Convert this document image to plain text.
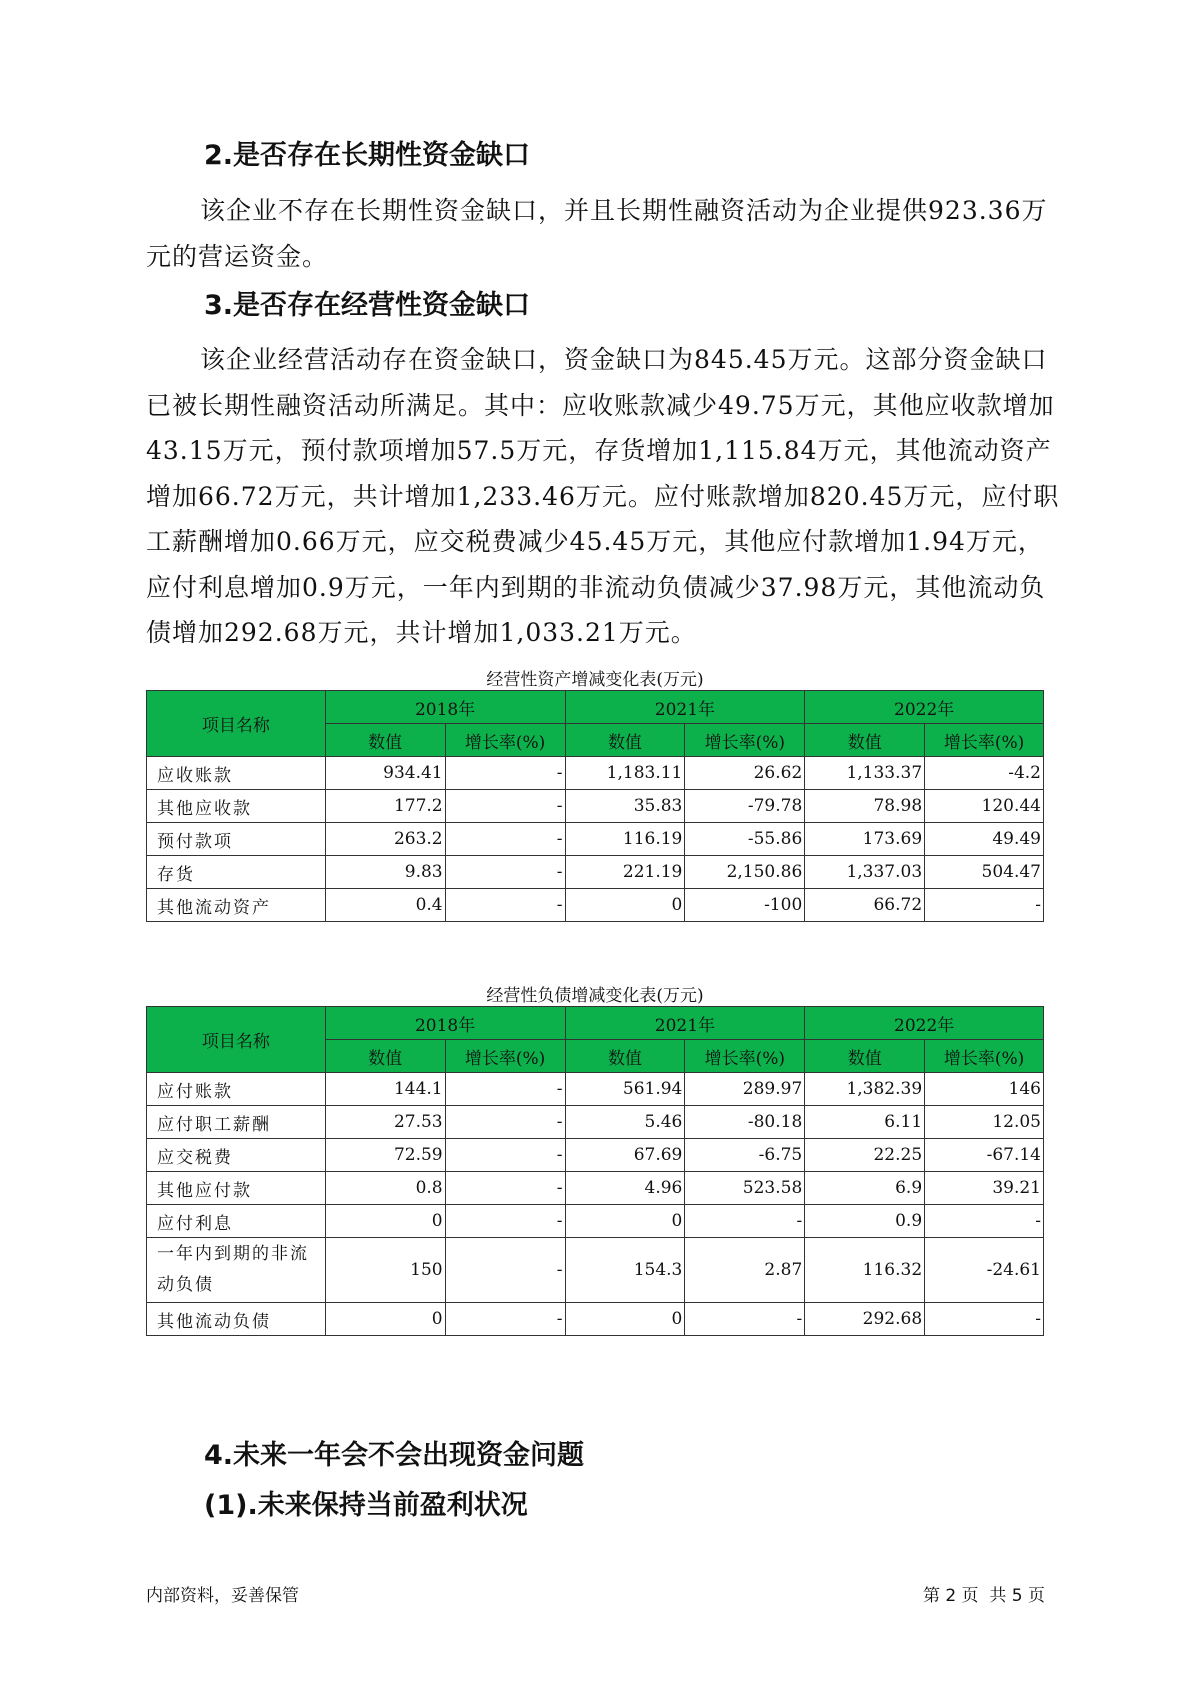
2.是否存在长期性资金缺口

该企业不存在长期性资金缺口，并且长期性融资活动为企业提供923.36万元的营运资金。

3.是否存在经营性资金缺口

该企业经营活动存在资金缺口，资金缺口为845.45万元。这部分资金缺口已被长期性融资活动所满足。其中：应收账款减少49.75万元，其他应收款增加43.15万元，预付款项增加57.5万元，存货增加1,115.84万元，其他流动资产增加66.72万元，共计增加1,233.46万元。应付账款增加820.45万元，应付职工薪酬增加0.66万元，应交税费减少45.45万元，其他应付款增加1.94万元，应付利息增加0.9万元，一年内到期的非流动负债减少37.98万元，其他流动负债增加292.68万元，共计增加1,033.21万元。

经营性资产增减变化表(万元)
项目名称	2018年		2021年		2022年	
	数值	增长率(%)	数值	增长率(%)	数值	增长率(%)
应收账款	934.41	-	1,183.11	26.62	1,133.37	-4.2
其他应收款	177.2	-	35.83	-79.78	78.98	120.44
预付款项	263.2	-	116.19	-55.86	173.69	49.49
存货	9.83	-	221.19	2,150.86	1,337.03	504.47
其他流动资产	0.4	-	0	-100	66.72	-
经营性负债增减变化表(万元)
项目名称	2018年		2021年		2022年	
	数值	增长率(%)	数值	增长率(%)	数值	增长率(%)
应付账款	144.1	-	561.94	289.97	1,382.39	146
应付职工薪酬	27.53	-	5.46	-80.18	6.11	12.05
应交税费	72.59	-	67.69	-6.75	22.25	-67.14
其他应付款	0.8	-	4.96	523.58	6.9	39.21
应付利息	0	-	0	-	0.9	-
一年内到期的非流动负债	150	-	154.3	2.87	116.32	-24.61
其他流动负债	0	-	0	-	292.68	-
4.未来一年会不会出现资金问题
(1).未来保持当前盈利状况
内部资料，妥善保管	第 2 页  共 5 页
